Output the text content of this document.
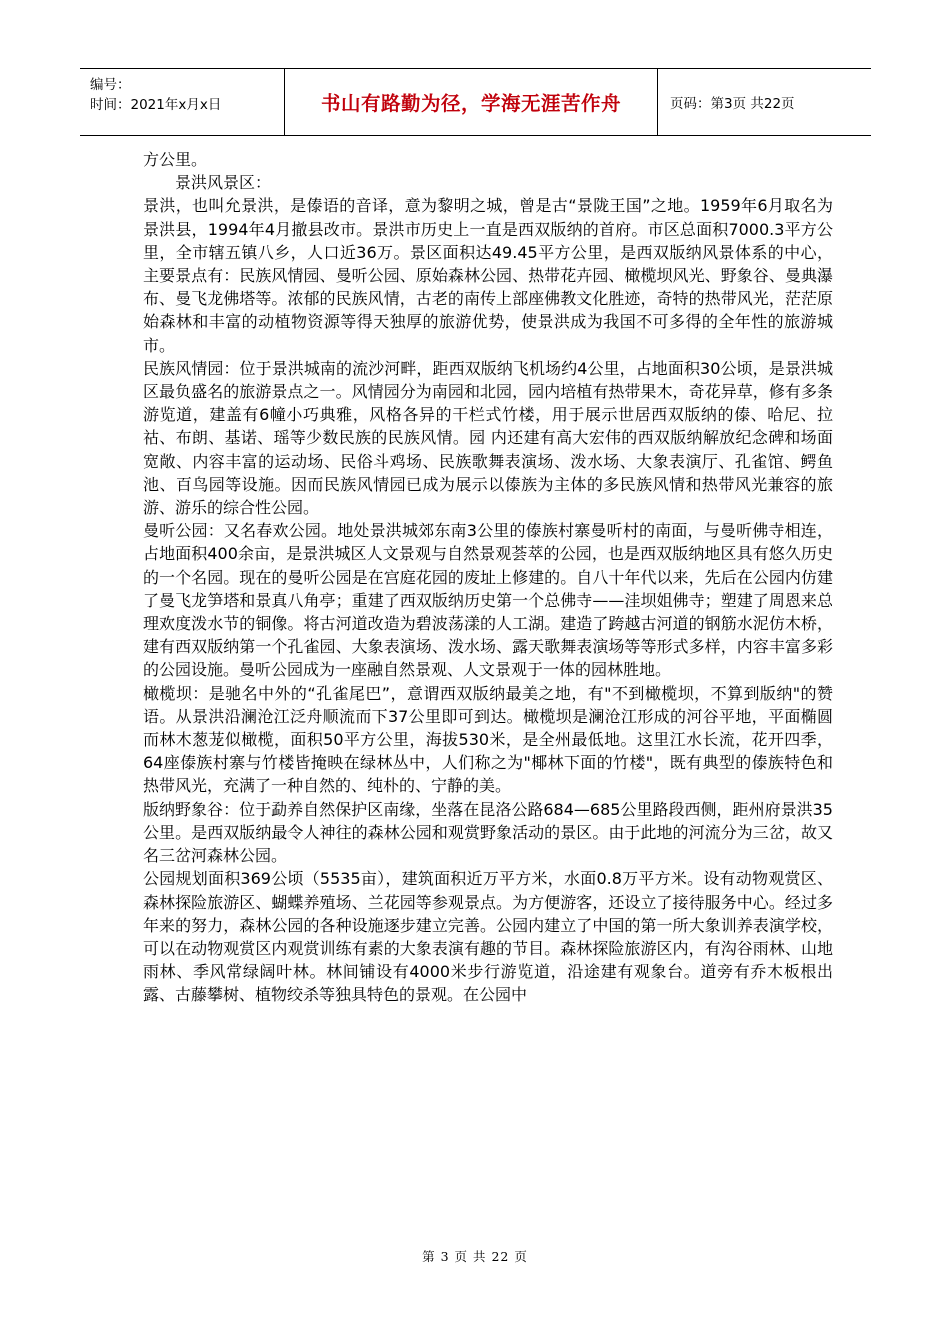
编号：
时间：2021年x月x日	书山有路勤为径，学海无涯苦作舟	页码：第3页 共22页

方公里。

景洪风景区：

景洪，也叫允景洪，是傣语的音译，意为黎明之城，曾是古“景陇王国”之地。1959年6月取名为景洪县，1994年4月撤县改市。景洪市历史上一直是西双版纳的首府。市区总面积7000.3平方公里，全市辖五镇八乡，人口近36万。景区面积达49.45平方公里，是西双版纳风景体系的中心，主要景点有：民族风情园、曼听公园、原始森林公园、热带花卉园、橄榄坝风光、野象谷、曼典瀑布、曼飞龙佛塔等。浓郁的民族风情，古老的南传上部座佛教文化胜迹，奇特的热带风光，茫茫原始森林和丰富的动植物资源等得天独厚的旅游优势，使景洪成为我国不可多得的全年性的旅游城市。

民族风情园：位于景洪城南的流沙河畔，距西双版纳飞机场约4公里，占地面积30公顷，是景洪城区最负盛名的旅游景点之一。风情园分为南园和北园，园内培植有热带果木，奇花异草，修有多条游览道，建盖有6幢小巧典雅，风格各异的干栏式竹楼，用于展示世居西双版纳的傣、哈尼、拉祜、布朗、基诺、瑶等少数民族的民族风情。园 内还建有高大宏伟的西双版纳解放纪念碑和场面宽敞、内容丰富的运动场、民俗斗鸡场、民族歌舞表演场、泼水场、大象表演厅、孔雀馆、鳄鱼池、百鸟园等设施。因而民族风情园已成为展示以傣族为主体的多民族风情和热带风光兼容的旅游、游乐的综合性公园。

曼听公园：又名春欢公园。地处景洪城郊东南3公里的傣族村寨曼听村的南面，与曼听佛寺相连，占地面积400余亩，是景洪城区人文景观与自然景观荟萃的公园，也是西双版纳地区具有悠久历史的一个名园。现在的曼听公园是在宫庭花园的废址上修建的。自八十年代以来，先后在公园内仿建了曼飞龙笋塔和景真八角亭；重建了西双版纳历史第一个总佛寺——洼坝姐佛寺；塑建了周恩来总理欢度泼水节的铜像。将古河道改造为碧波荡漾的人工湖。建造了跨越古河道的钢筋水泥仿木桥，建有西双版纳第一个孔雀园、大象表演场、泼水场、露天歌舞表演场等等形式多样，内容丰富多彩的公园设施。曼听公园成为一座融自然景观、人文景观于一体的园林胜地。

橄榄坝：是驰名中外的“孔雀尾巴”，意谓西双版纳最美之地，有"不到橄榄坝，不算到版纳"的赞语。从景洪沿澜沧江泛舟顺流而下37公里即可到达。橄榄坝是澜沧江形成的河谷平地，平面椭圆而林木葱茏似橄榄，面积50平方公里，海拔530米，是全州最低地。这里江水长流，花开四季，64座傣族村寨与竹楼皆掩映在绿林丛中，人们称之为"椰林下面的竹楼"，既有典型的傣族特色和热带风光，充满了一种自然的、纯朴的、宁静的美。

版纳野象谷：位于勐养自然保护区南缘，坐落在昆洛公路684—685公里路段西侧，距州府景洪35公里。是西双版纳最令人神往的森林公园和观赏野象活动的景区。由于此地的河流分为三岔，故又名三岔河森林公园。

公园规划面积369公顷（5535亩），建筑面积近万平方米，水面0.8万平方米。设有动物观赏区、森林探险旅游区、蝴蝶养殖场、兰花园等参观景点。为方便游客，还设立了接待服务中心。经过多年来的努力，森林公园的各种设施逐步建立完善。公园内建立了中国的第一所大象训养表演学校，可以在动物观赏区内观赏训练有素的大象表演有趣的节目。森林探险旅游区内，有沟谷雨林、山地雨林、季风常绿阔叶林。林间铺设有4000米步行游览道，沿途建有观象台。道旁有乔木板根出露、古藤攀树、植物绞杀等独具特色的景观。在公园中

第 3 页 共 22 页
